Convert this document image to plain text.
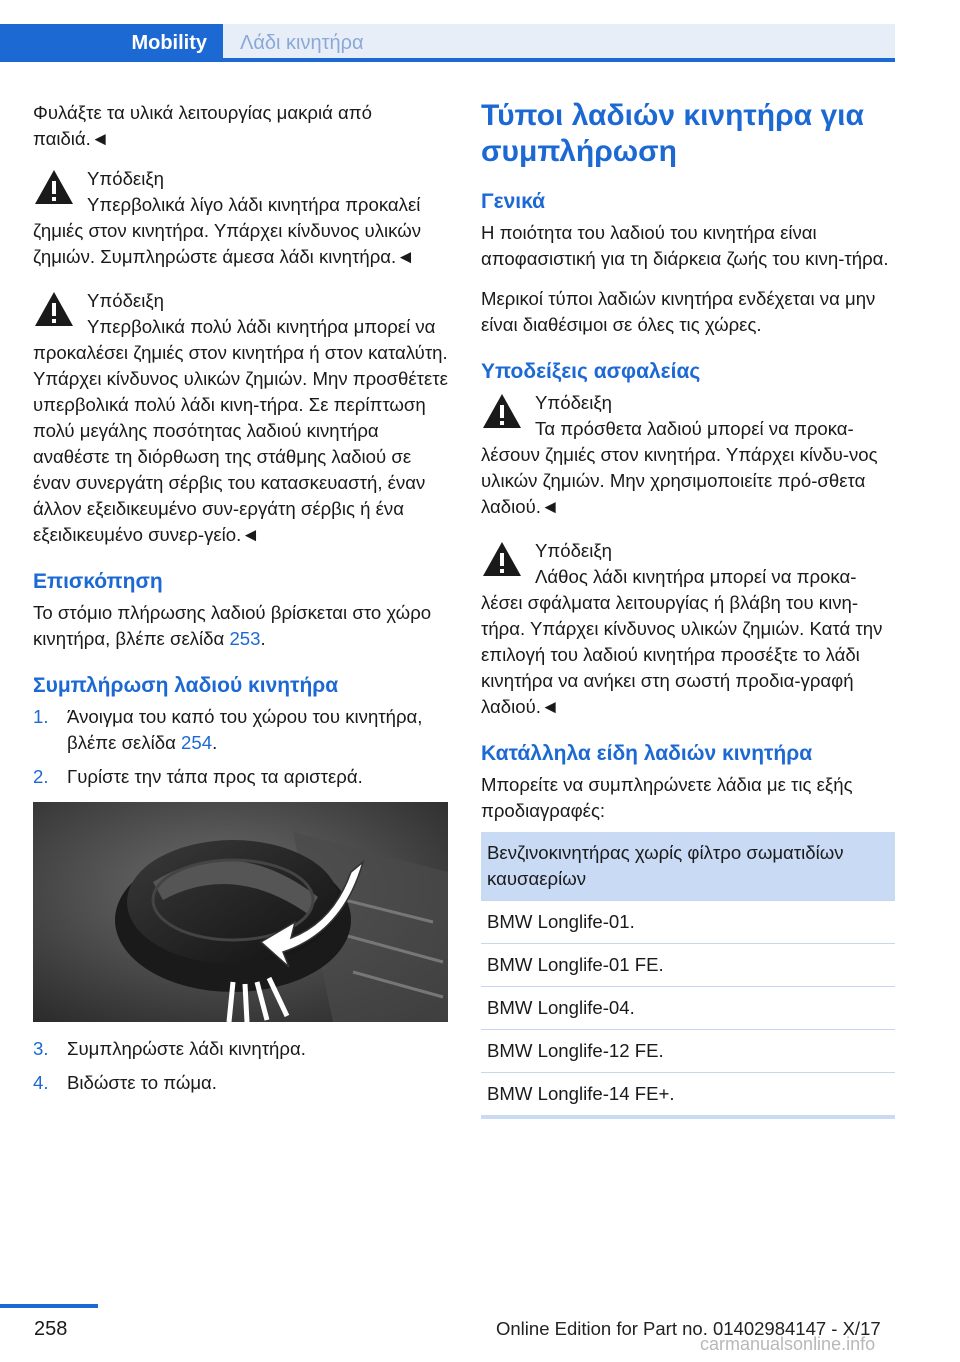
Mobility	Λάδι κινητήρα

Φυλάξτε τα υλικά λειτουργίας μακριά από παιδιά.◄

Υπόδειξη
Υπερβολικά λίγο λάδι κινητήρα προκαλεί ζημιές στον κινητήρα. Υπάρχει κίνδυνος υλικών ζημιών. Συμπληρώστε άμεσα λάδι κινητήρα.◄
Υπόδειξη
Υπερβολικά πολύ λάδι κινητήρα μπορεί να προκαλέσει ζημιές στον κινητήρα ή στον καταλύτη. Υπάρχει κίνδυνος υλικών ζημιών. Μην προσθέτετε υπερβολικά πολύ λάδι κινη-τήρα. Σε περίπτωση πολύ μεγάλης ποσότητας λαδιού κινητήρα αναθέστε τη διόρθωση της στάθμης λαδιού σε έναν συνεργάτη σέρβις του κατασκευαστή, έναν άλλον εξειδικευμένο συν-εργάτη σέρβις ή ένα εξειδικευμένο συνερ-γείο.◄
Επισκόπηση

Το στόμιο πλήρωσης λαδιού βρίσκεται στο χώρο κινητήρα, βλέπε σελίδα 253.

Συμπλήρωση λαδιού κινητήρα
1. Άνοιγμα του καπό του χώρου του κινητήρα, βλέπε σελίδα 254.
2. Γυρίστε την τάπα προς τα αριστερά.
3. Συμπληρώστε λάδι κινητήρα.
4. Βιδώστε το πώμα.
Τύποι λαδιών κινητήρα για συμπλήρωση
Γενικά

Η ποιότητα του λαδιού του κινητήρα είναι αποφασιστική για τη διάρκεια ζωής του κινη-τήρα.

Μερικοί τύποι λαδιών κινητήρα ενδέχεται να μην είναι διαθέσιμοι σε όλες τις χώρες.

Υποδείξεις ασφαλείας
Υπόδειξη
Τα πρόσθετα λαδιού μπορεί να προκα-λέσουν ζημιές στον κινητήρα. Υπάρχει κίνδυ-νος υλικών ζημιών. Μην χρησιμοποιείτε πρό-σθετα λαδιού.◄
Υπόδειξη
Λάθος λάδι κινητήρα μπορεί να προκα-λέσει σφάλματα λειτουργίας ή βλάβη του κινη-τήρα. Υπάρχει κίνδυνος υλικών ζημιών. Κατά την επιλογή του λαδιού κινητήρα προσέξτε το λάδι κινητήρα να ανήκει στη σωστή προδια-γραφή λαδιού.◄
Κατάλληλα είδη λαδιών κινητήρα

Μπορείτε να συμπληρώνετε λάδια με τις εξής προδιαγραφές:

Βενζινοκινητήρας χωρίς φίλτρο σωματιδίων καυσαερίων
BMW Longlife-01.
BMW Longlife-01 FE.
BMW Longlife-04.
BMW Longlife-12 FE.
BMW Longlife-14 FE+.
258	Online Edition for Part no. 01402984147 - X/17
carmanualsonline.info
